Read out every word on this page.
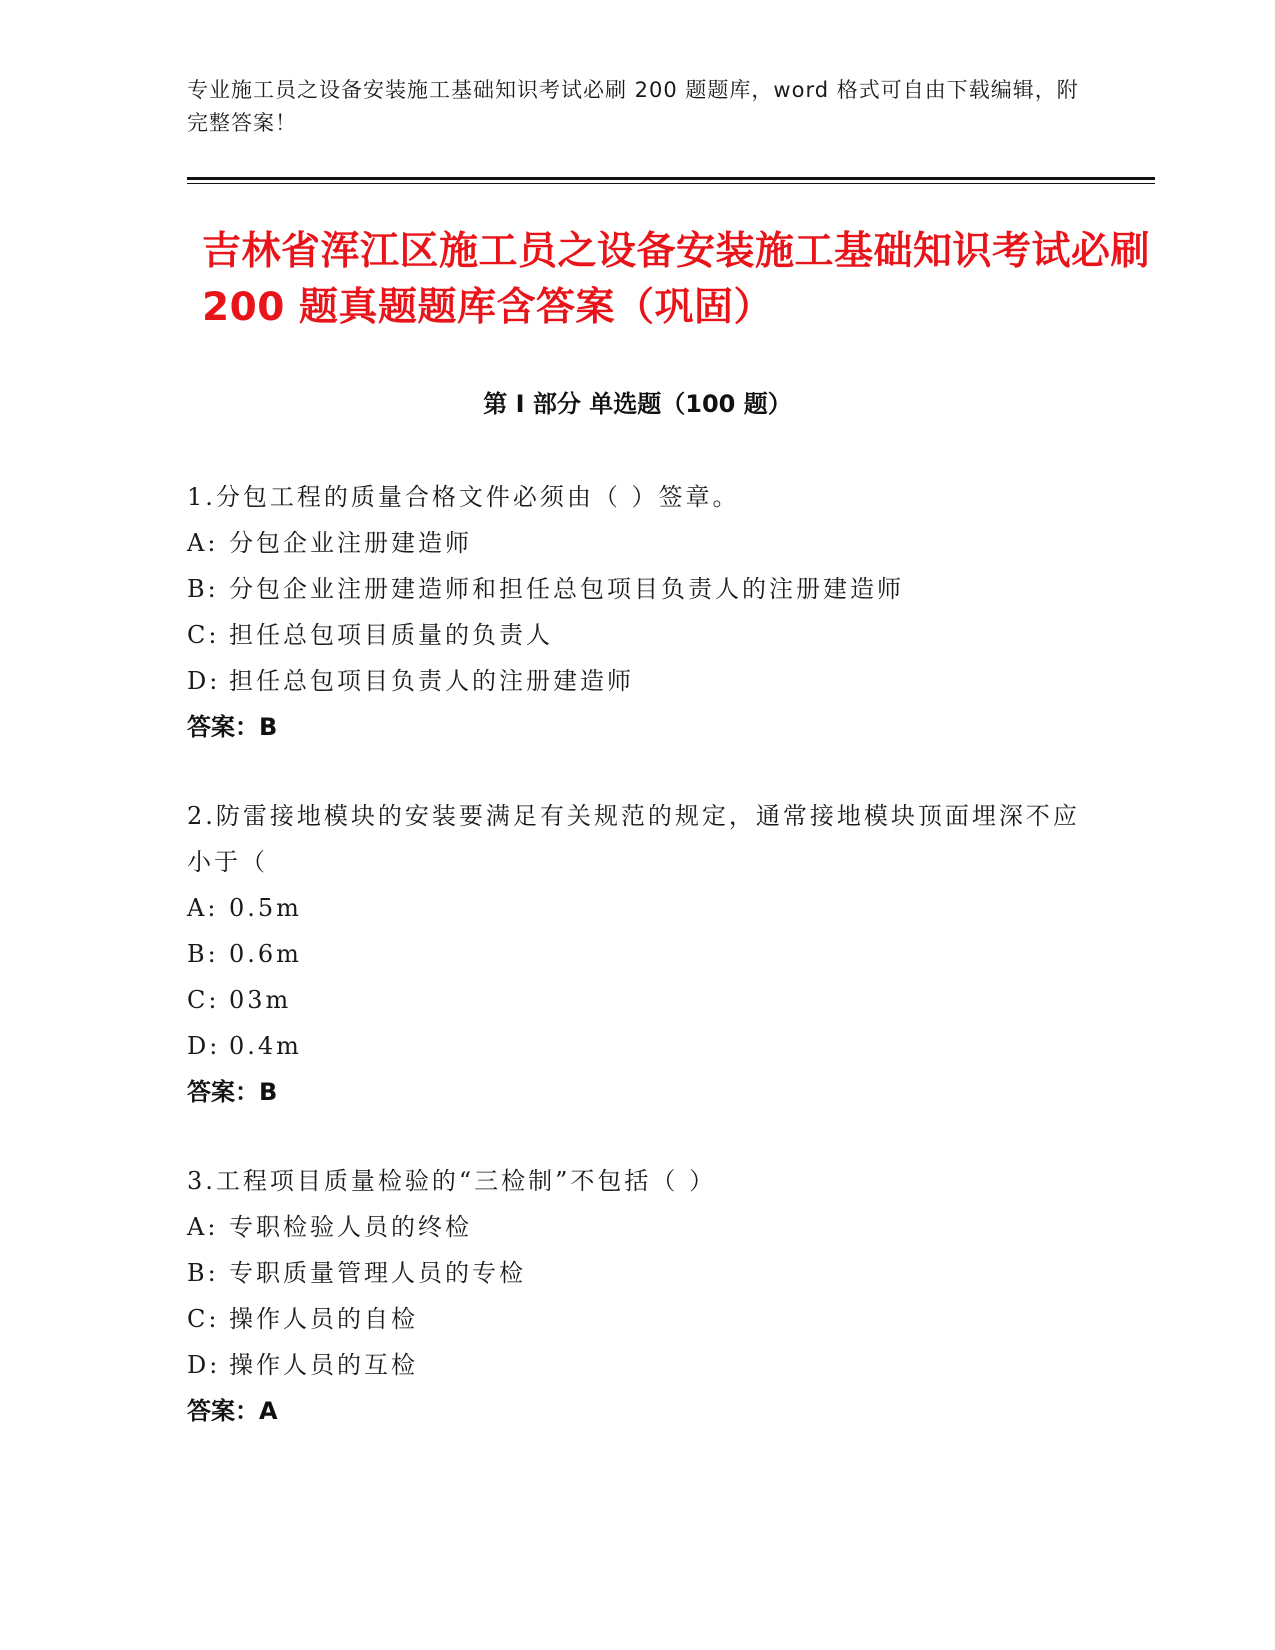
专业施工员之设备安装施工基础知识考试必刷 200 题题库，word 格式可自由下载编辑，附完整答案！
吉林省浑江区施工员之设备安装施工基础知识考试必刷 200 题真题题库含答案（巩固）
第 I 部分 单选题（100 题）
1.分包工程的质量合格文件必须由（ ）签章。
A: 分包企业注册建造师
B: 分包企业注册建造师和担任总包项目负责人的注册建造师
C: 担任总包项目质量的负责人
D: 担任总包项目负责人的注册建造师
答案：B
2.防雷接地模块的安装要满足有关规范的规定，通常接地模块顶面埋深不应小于（
A: 0.5m
B: 0.6m
C: 03m
D: 0.4m
答案：B
3.工程项目质量检验的“三检制”不包括（ ）
A: 专职检验人员的终检
B: 专职质量管理人员的专检
C: 操作人员的自检
D: 操作人员的互检
答案：A
